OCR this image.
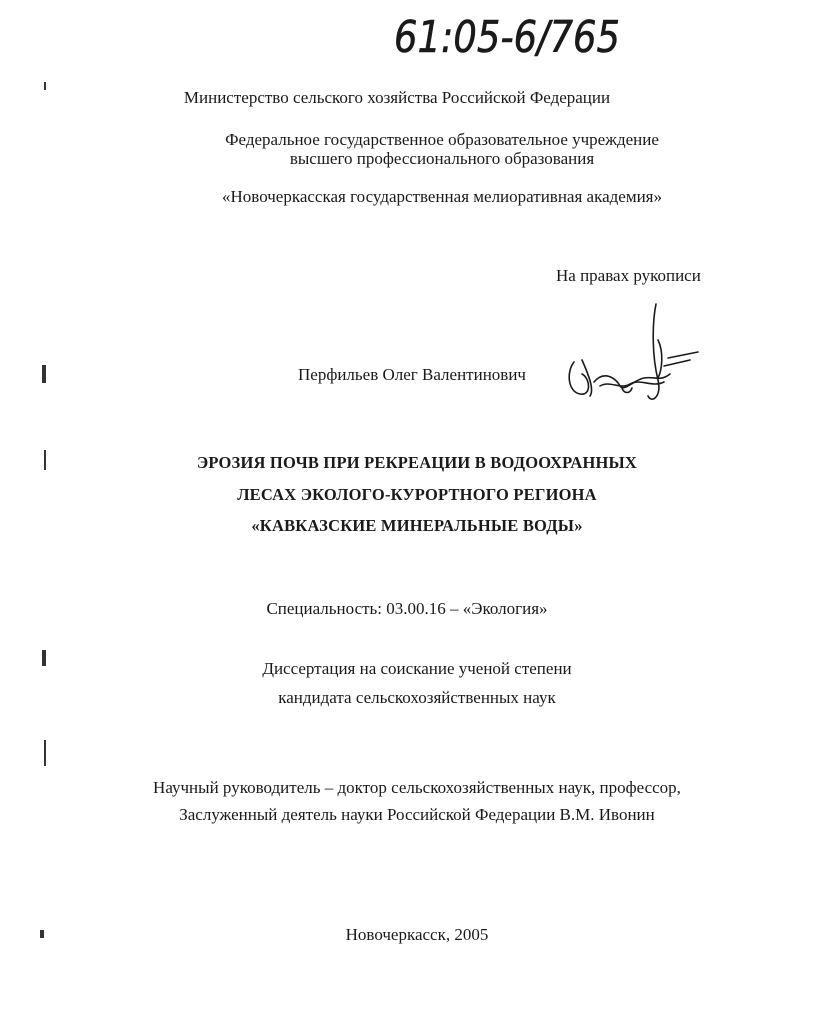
61:05-6/765
Министерство сельского хозяйства Российской Федерации
Федеральное государственное образовательное учреждение
высшего профессионального образования
«Новочеркасская государственная мелиоративная академия»
На правах рукописи
Перфильев Олег Валентинович
ЭРОЗИЯ ПОЧВ ПРИ РЕКРЕАЦИИ В ВОДООХРАННЫХ
ЛЕСАХ ЭКОЛОГО-КУРОРТНОГО РЕГИОНА
«КАВКАЗСКИЕ МИНЕРАЛЬНЫЕ ВОДЫ»
Специальность: 03.00.16 – «Экология»
Диссертация на соискание ученой степени
кандидата сельскохозяйственных наук
Научный руководитель – доктор сельскохозяйственных наук, профессор,
Заслуженный деятель науки Российской Федерации В.М. Ивонин
Новочеркасск, 2005
